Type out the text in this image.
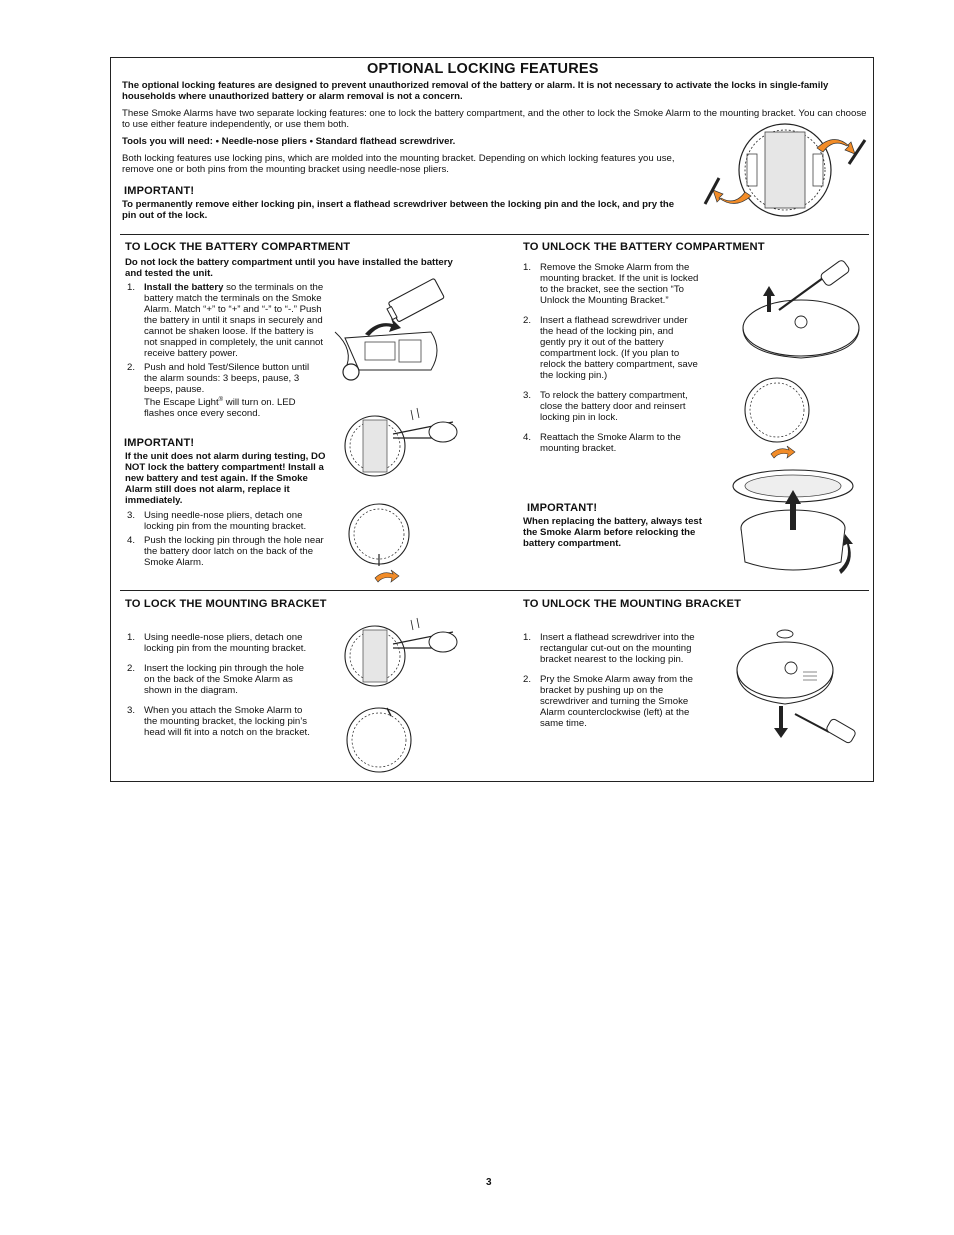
OPTIONAL LOCKING FEATURES
The optional locking features are designed to prevent unauthorized removal of the battery or alarm. It is not necessary to activate the locks in single-family households where unauthorized battery or alarm removal is not a concern.
These Smoke Alarms have two separate locking features: one to lock the battery compartment, and the other to lock the Smoke Alarm to the mounting bracket. You can choose to use either feature independently, or use them both.
Tools you will need: • Needle-nose pliers • Standard flathead screwdriver.
Both locking features use locking pins, which are molded into the mounting bracket. Depending on which locking features you use, remove one or both pins from the mounting bracket using needle-nose pliers.
IMPORTANT!
To permanently remove either locking pin, insert a flathead screwdriver between the locking pin and the lock, and pry the pin out of the lock.
TO LOCK THE BATTERY COMPARTMENT
Do not lock the battery compartment until you have installed the battery and tested the unit.
1. Install the battery so the terminals on the battery match the terminals on the Smoke Alarm. Match “+” to “+” and “-” to “-.” Push the battery in until it snaps in securely and cannot be shaken loose. If the battery is not snapped in completely, the unit cannot receive battery power.
2. Push and hold Test/Silence button until the alarm sounds: 3 beeps, pause, 3 beeps, pause.
The Escape Light® will turn on. LED flashes once every second.
IMPORTANT!
If the unit does not alarm during testing, DO NOT lock the battery compartment! Install a new battery and test again. If the Smoke Alarm still does not alarm, replace it immediately.
3. Using needle-nose pliers, detach one locking pin from the mounting bracket.
4. Push the locking pin through the hole near the battery door latch on the back of the Smoke Alarm.
TO UNLOCK THE BATTERY COMPARTMENT
1. Remove the Smoke Alarm from the mounting bracket. If the unit is locked to the bracket, see the section “To Unlock the Mounting Bracket.”
2. Insert a flathead screwdriver under the head of the locking pin, and gently pry it out of the battery compartment lock. (If you plan to relock the battery compartment, save the locking pin.)
3. To relock the battery compartment, close the battery door and reinsert locking pin in lock.
4. Reattach the Smoke Alarm to the mounting bracket.
IMPORTANT!
When replacing the battery, always test the Smoke Alarm before relocking the battery compartment.
TO LOCK THE MOUNTING BRACKET
1. Using needle-nose pliers, detach one locking pin from the mounting bracket.
2. Insert the locking pin through the hole on the back of the Smoke Alarm as shown in the diagram.
3. When you attach the Smoke Alarm to the mounting bracket, the locking pin’s head will fit into a notch on the bracket.
TO UNLOCK THE MOUNTING BRACKET
1. Insert a flathead screwdriver into the rectangular cut-out on the mounting bracket nearest to the locking pin.
2. Pry the Smoke Alarm away from the bracket by pushing up on the screwdriver and turning the Smoke Alarm counterclockwise (left) at the same time.
3
